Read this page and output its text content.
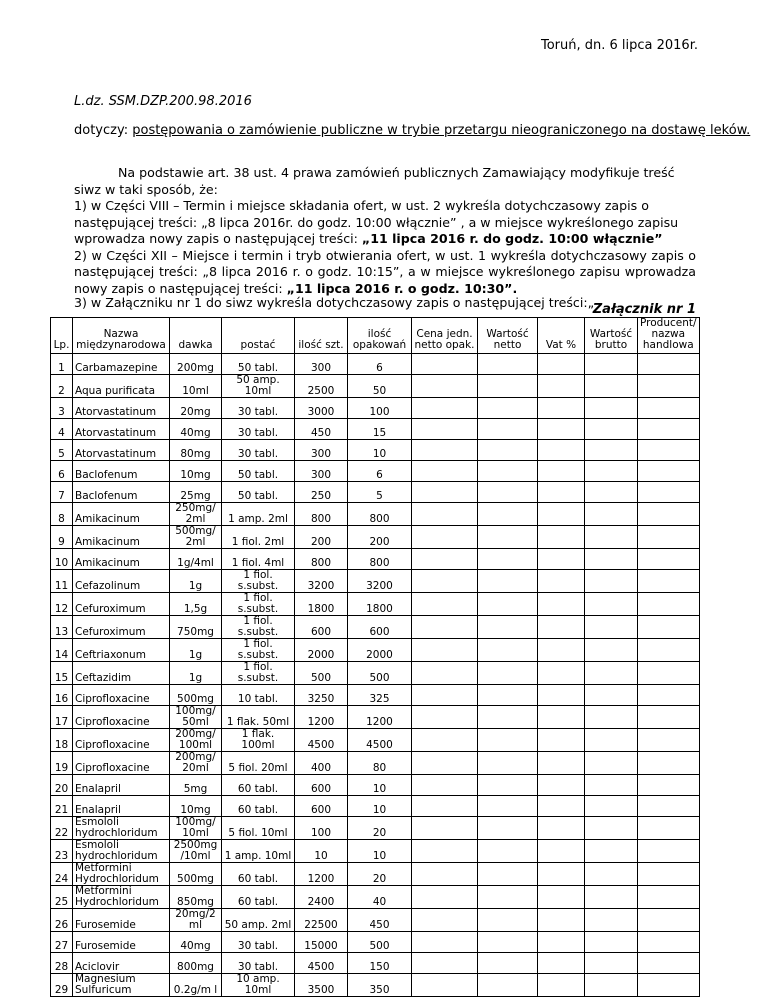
Toruń, dn. 6 lipca 2016r.
L.dz. SSM.DZP.200.98.2016
dotyczy: postępowania o zamówienie publiczne w trybie przetargu nieograniczonego na dostawę leków.

Na podstawie art. 38 ust. 4 prawa zamówień publicznych Zamawiający modyfikuje treść

siwz w taki sposób, że:

1) w Części VIII – Termin i miejsce składania ofert, w ust. 2 wykreśla dotychczasowy zapis o następującej treści: „8 lipca 2016r. do godz. 10:00 włącznie” , a w miejsce wykreślonego zapisu wprowadza nowy zapis o następującej treści: „11 lipca 2016 r. do godz. 10:00 włącznie”

2) w Części XII – Miejsce i termin i tryb otwierania ofert, w ust. 1 wykreśla dotychczasowy zapis o następującej treści: „8 lipca 2016 r. o godz. 10:15”, a w miejsce wykreślonego zapisu wprowadza nowy zapis o następującej treści: „11 lipca 2016 r. o godz. 10:30”.

3) w Załączniku nr 1 do siwz wykreśla dotychczasowy zapis o następującej treści:„
Załącznik nr 1
Lp.	Nazwa międzynarodowa	dawka	postać	ilość szt.	ilość opakowań	Cena jedn. netto opak.	Wartość netto	Vat %	Wartość brutto	Producent/ nazwa handlowa
1	Carbamazepine	200mg	50 tabl.	300	6					
2	Aqua purificata	10ml	50 amp. 10ml	2500	50					
3	Atorvastatinum	20mg	30 tabl.	3000	100					
4	Atorvastatinum	40mg	30 tabl.	450	15					
5	Atorvastatinum	80mg	30 tabl.	300	10					
6	Baclofenum	10mg	50 tabl.	300	6					
7	Baclofenum	25mg	50 tabl.	250	5					
8	Amikacinum	250mg/ 2ml	1 amp. 2ml	800	800					
9	Amikacinum	500mg/ 2ml	1 fiol. 2ml	200	200					
10	Amikacinum	1g/4ml	1 fiol. 4ml	800	800					
11	Cefazolinum	1g	1 fiol. s.subst.	3200	3200					
12	Cefuroximum	1,5g	1 fiol. s.subst.	1800	1800					
13	Cefuroximum	750mg	1 fiol. s.subst.	600	600					
14	Ceftriaxonum	1g	1 fiol. s.subst.	2000	2000					
15	Ceftazidim	1g	1 fiol. s.subst.	500	500					
16	Ciprofloxacine	500mg	10 tabl.	3250	325					
17	Ciprofloxacine	100mg/ 50ml	1 flak. 50ml	1200	1200					
18	Ciprofloxacine	200mg/ 100ml	1 flak. 100ml	4500	4500					
19	Ciprofloxacine	200mg/ 20ml	5 fiol. 20ml	400	80					
20	Enalapril	5mg	60 tabl.	600	10					
21	Enalapril	10mg	60 tabl.	600	10					
22	Esmololi hydrochloridum	100mg/ 10ml	5 fiol. 10ml	100	20					
23	Esmololi hydrochloridum	2500mg /10ml	1 amp. 10ml	10	10					
24	Metformini Hydrochloridum	500mg	60 tabl.	1200	20					
25	Metformini Hydrochloridum	850mg	60 tabl.	2400	40					
26	Furosemide	20mg/2 ml	50 amp. 2ml	22500	450					
27	Furosemide	40mg	30 tabl.	15000	500					
28	Aciclovir	800mg	30 tabl.	4500	150					
29	Magnesium Sulfuricum	0.2g/m l	10 amp. 10ml	3500	350					
